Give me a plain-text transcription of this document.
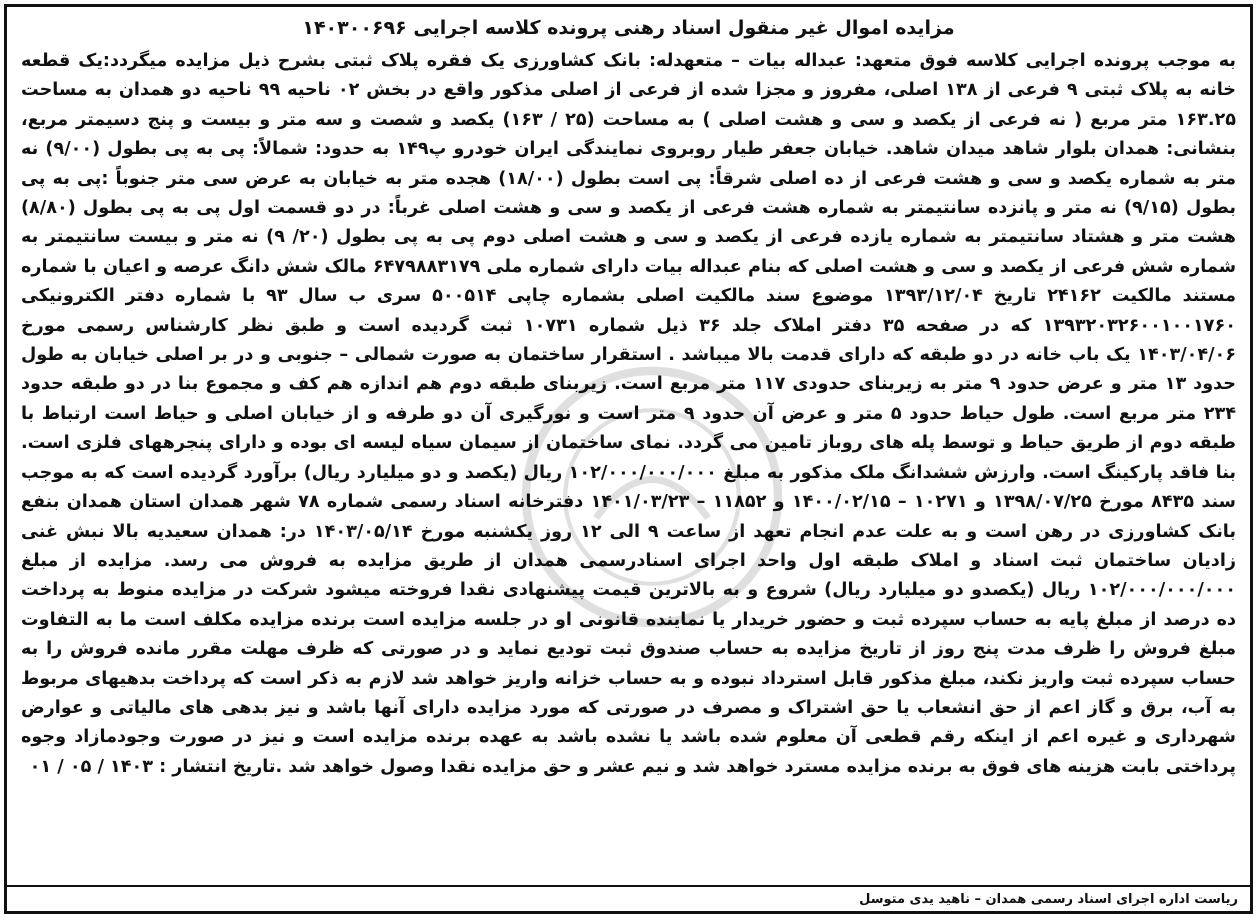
مزایده اموال غیر منقول اسناد رهنی پرونده کلاسه اجرایی ۱۴۰۳۰۰۶۹۶

به موجب پرونده اجرایی کلاسه فوق متعهد: عبداله بیات – متعهدله: بانک کشاورزی یک فقره پلاک ثبتی بشرح ذیل مزایده میگردد:یک قطعه خانه به پلاک ثبتی ۹ فرعی از ۱۳۸ اصلی، مفروز و مجزا شده از فرعی از اصلی مذکور واقع در بخش ۰۲ ناحیه ۹۹ ناحیه دو همدان به مساحت ۱۶۳.۲۵ متر مربع ( نه فرعی از یکصد و سی و هشت اصلی ) به مساحت (۲۵ / ۱۶۳) یکصد و شصت و سه متر و بیست و پنج دسیمتر مربع، بنشانی: همدان بلوار شاهد میدان شاهد. خیابان جعفر طیار روبروی نمایندگی ایران خودرو پ۱۴۹ به حدود: شمالاً: پی به پی بطول (۹/۰۰) نه متر به شماره یکصد و سی و هشت فرعی از ده اصلی شرقاً: پی است بطول (۱۸/۰۰) هجده متر به خیابان به عرض سی متر جنوباً :پی به پی بطول (۹/۱۵) نه متر و پانزده سانتیمتر به شماره هشت فرعی از یکصد و سی و هشت اصلی غرباً: در دو قسمت اول پی به پی بطول (۸/۸۰) هشت متر و هشتاد سانتیمتر به شماره یازده فرعی از یکصد و سی و هشت اصلی دوم پی به پی بطول (۲۰/ ۹) نه متر و بیست سانتیمتر به شماره شش فرعی از یکصد و سی و هشت اصلی که بنام عبداله بیات دارای شماره ملی ۶۴۷۹۸۸۳۱۷۹ مالک شش دانگ عرصه و اعیان با شماره مستند مالکیت ۲۴۱۶۲ تاریخ ۱۳۹۳/۱۲/۰۴ موضوع سند مالکیت اصلی بشماره چاپی ۵۰۰۵۱۴ سری ب سال ۹۳ با شماره دفتر الکترونیکی ۱۳۹۳۲۰۳۲۶۰۰۱۰۰۱۷۶۰ که در صفحه ۳۵ دفتر املاک جلد ۳۶ ذیل شماره ۱۰۷۳۱ ثبت گردیده است و طبق نظر کارشناس رسمی مورخ ۱۴۰۳/۰۴/۰۶ یک باب خانه در دو طبقه که دارای قدمت بالا میباشد . استقرار ساختمان به صورت شمالی – جنوبی و در بر اصلی خیابان به طول حدود ۱۳ متر و عرض حدود ۹ متر به زیربنای حدودی ۱۱۷ متر مربع است. زیربنای طبقه دوم هم اندازه هم کف و مجموع بنا در دو طبقه حدود ۲۳۴ متر مربع است. طول حیاط حدود ۵ متر و عرض آن حدود ۹ متر است و نورگیری آن دو طرفه و از خیابان اصلی و حیاط است ارتباط با طبقه دوم از طریق حیاط و توسط پله های روباز تامین می گردد. نمای ساختمان از سیمان سیاه لیسه ای بوده و دارای پنجرههای فلزی است. بنا فاقد پارکینگ است. وارزش ششدانگ ملک مذکور به مبلغ ۱۰۲/۰۰۰/۰۰۰/۰۰۰ ریال (یکصد و دو میلیارد ریال) برآورد گردیده است که به موجب سند ۸۴۳۵ مورخ ۱۳۹۸/۰۷/۲۵ و ۱۰۲۷۱ – ۱۴۰۰/۰۲/۱۵ و ۱۱۸۵۲ – ۱۴۰۱/۰۳/۲۳ دفترخانه اسناد رسمی شماره ۷۸ شهر همدان استان همدان بنفع بانک کشاورزی در رهن است و به علت عدم انجام تعهد از ساعت ۹ الی ۱۲ روز یکشنبه مورخ ۱۴۰۳/۰۵/۱۴ در: همدان سعیدیه بالا نبش غنی زادیان ساختمان ثبت اسناد و املاک طبقه اول واحد اجرای اسنادرسمی همدان از طریق مزایده به فروش می رسد. مزایده از مبلغ ۱۰۲/۰۰۰/۰۰۰/۰۰۰ ریال (یکصدو دو میلیارد ریال) شروع و به بالاترین قیمت پیشنهادی نقدا فروخته میشود شرکت در مزایده منوط به پرداخت ده درصد از مبلغ پایه به حساب سپرده ثبت و حضور خریدار یا نماینده قانونی او در جلسه مزایده است برنده مزایده مکلف است ما به التفاوت مبلغ فروش را ظرف مدت پنج روز از تاریخ مزایده به حساب صندوق ثبت تودیع نماید و در صورتی که ظرف مهلت مقرر مانده فروش را به حساب سپرده ثبت واریز نکند، مبلغ مذکور قابل استرداد نبوده و به حساب خزانه واریز خواهد شد لازم به ذکر است که پرداخت بدهیهای مربوط به آب، برق و گاز اعم از حق انشعاب یا حق اشتراک و مصرف در صورتی که مورد مزایده دارای آنها باشد و نیز بدهی های مالیاتی و عوارض شهرداری و غیره اعم از اینکه رقم قطعی آن معلوم شده باشد یا نشده باشد به عهده برنده مزایده است و نیز در صورت وجودمازاد وجوه پرداختی بابت هزینه های فوق به برنده مزایده مسترد خواهد شد و نیم عشر و حق مزایده نقدا وصول خواهد شد .تاریخ انتشار : ۱۴۰۳ / ۰۵ / ۰۱

ریاست اداره اجرای اسناد رسمی همدان – ناهید یدی متوسل
